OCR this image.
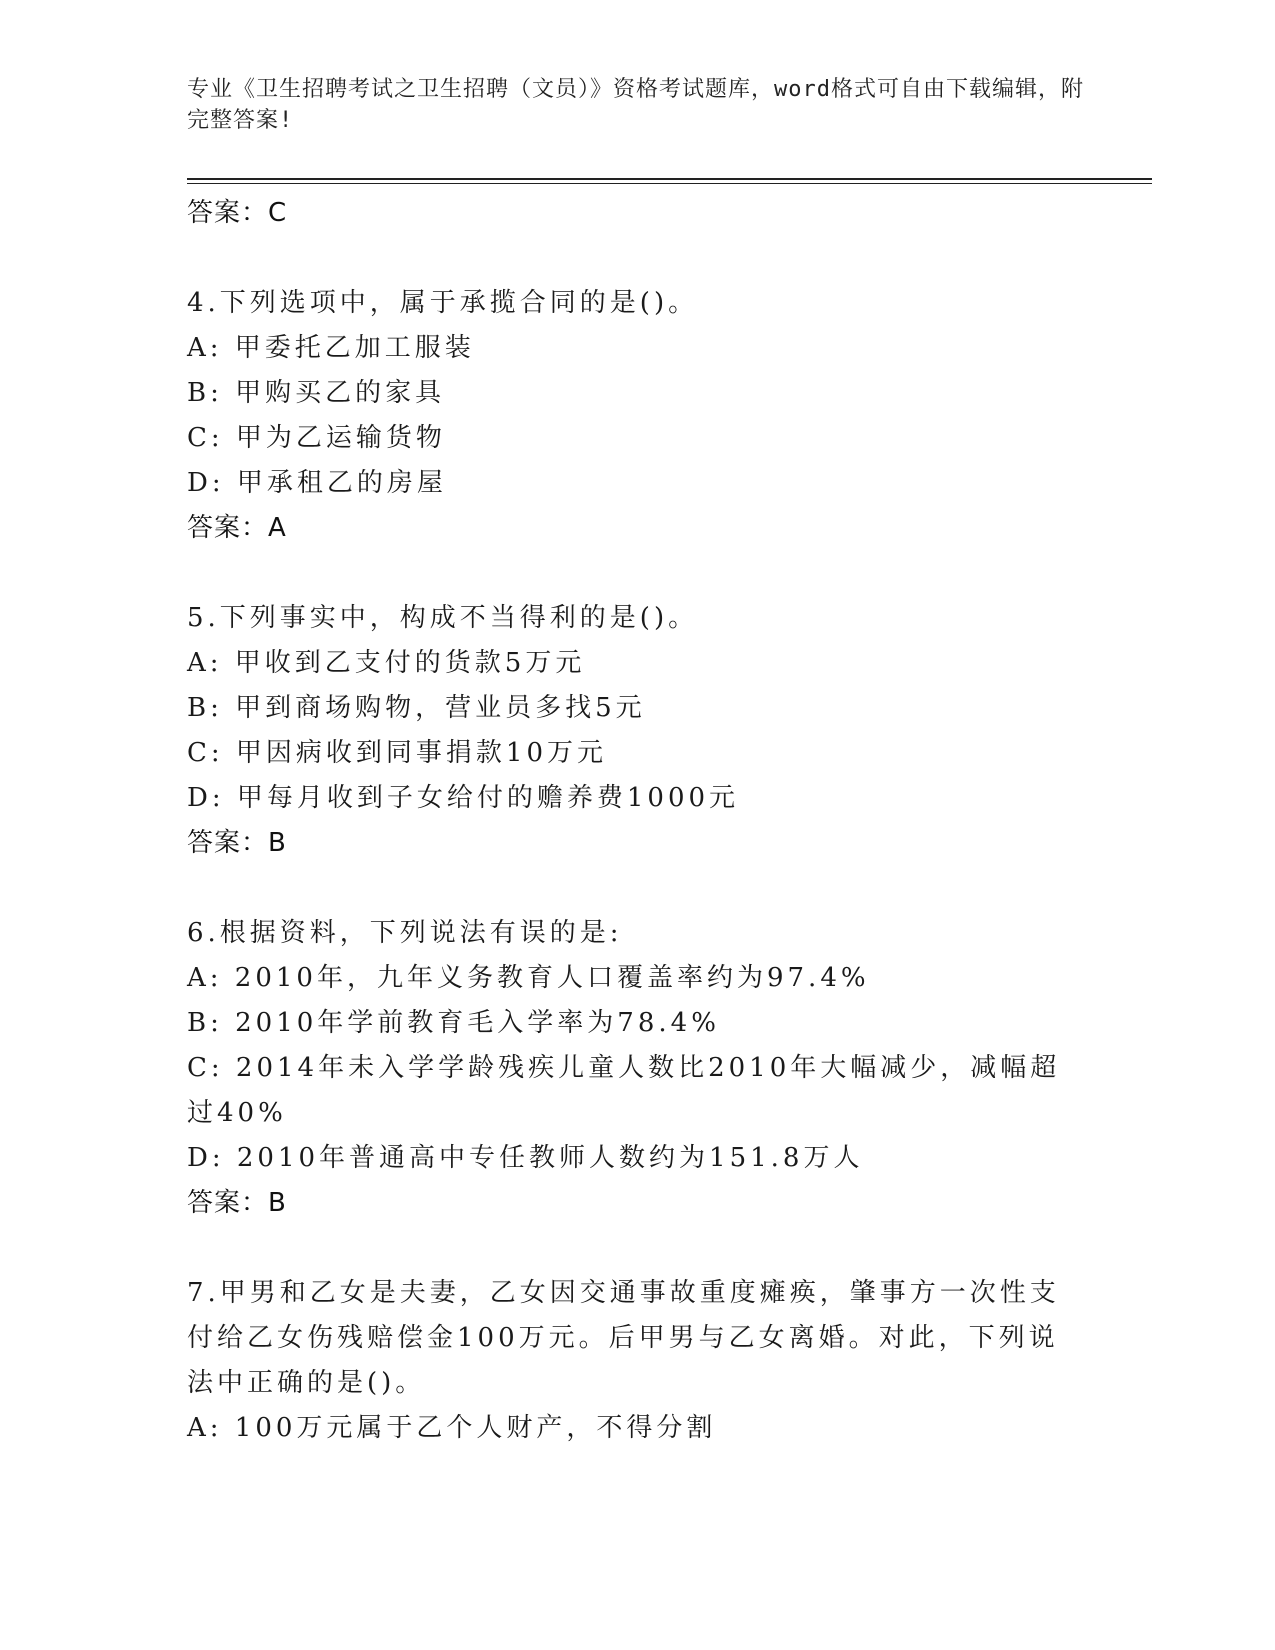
专业《卫生招聘考试之卫生招聘（文员）》资格考试题库，word格式可自由下载编辑，附完整答案!
答案：C
4.下列选项中，属于承揽合同的是()。
A: 甲委托乙加工服装
B: 甲购买乙的家具
C: 甲为乙运输货物
D: 甲承租乙的房屋
答案：A
5.下列事实中，构成不当得利的是()。
A: 甲收到乙支付的货款5万元
B: 甲到商场购物，营业员多找5元
C: 甲因病收到同事捐款10万元
D: 甲每月收到子女给付的赡养费1000元
答案：B
6.根据资料，下列说法有误的是:
A: 2010年，九年义务教育人口覆盖率约为97.4%
B: 2010年学前教育毛入学率为78.4%
C: 2014年未入学学龄残疾儿童人数比2010年大幅减少，减幅超过40%
D: 2010年普通高中专任教师人数约为151.8万人
答案：B
7.甲男和乙女是夫妻，乙女因交通事故重度瘫痪，肇事方一次性支付给乙女伤残赔偿金100万元。后甲男与乙女离婚。对此，下列说法中正确的是()。
A: 100万元属于乙个人财产，不得分割
